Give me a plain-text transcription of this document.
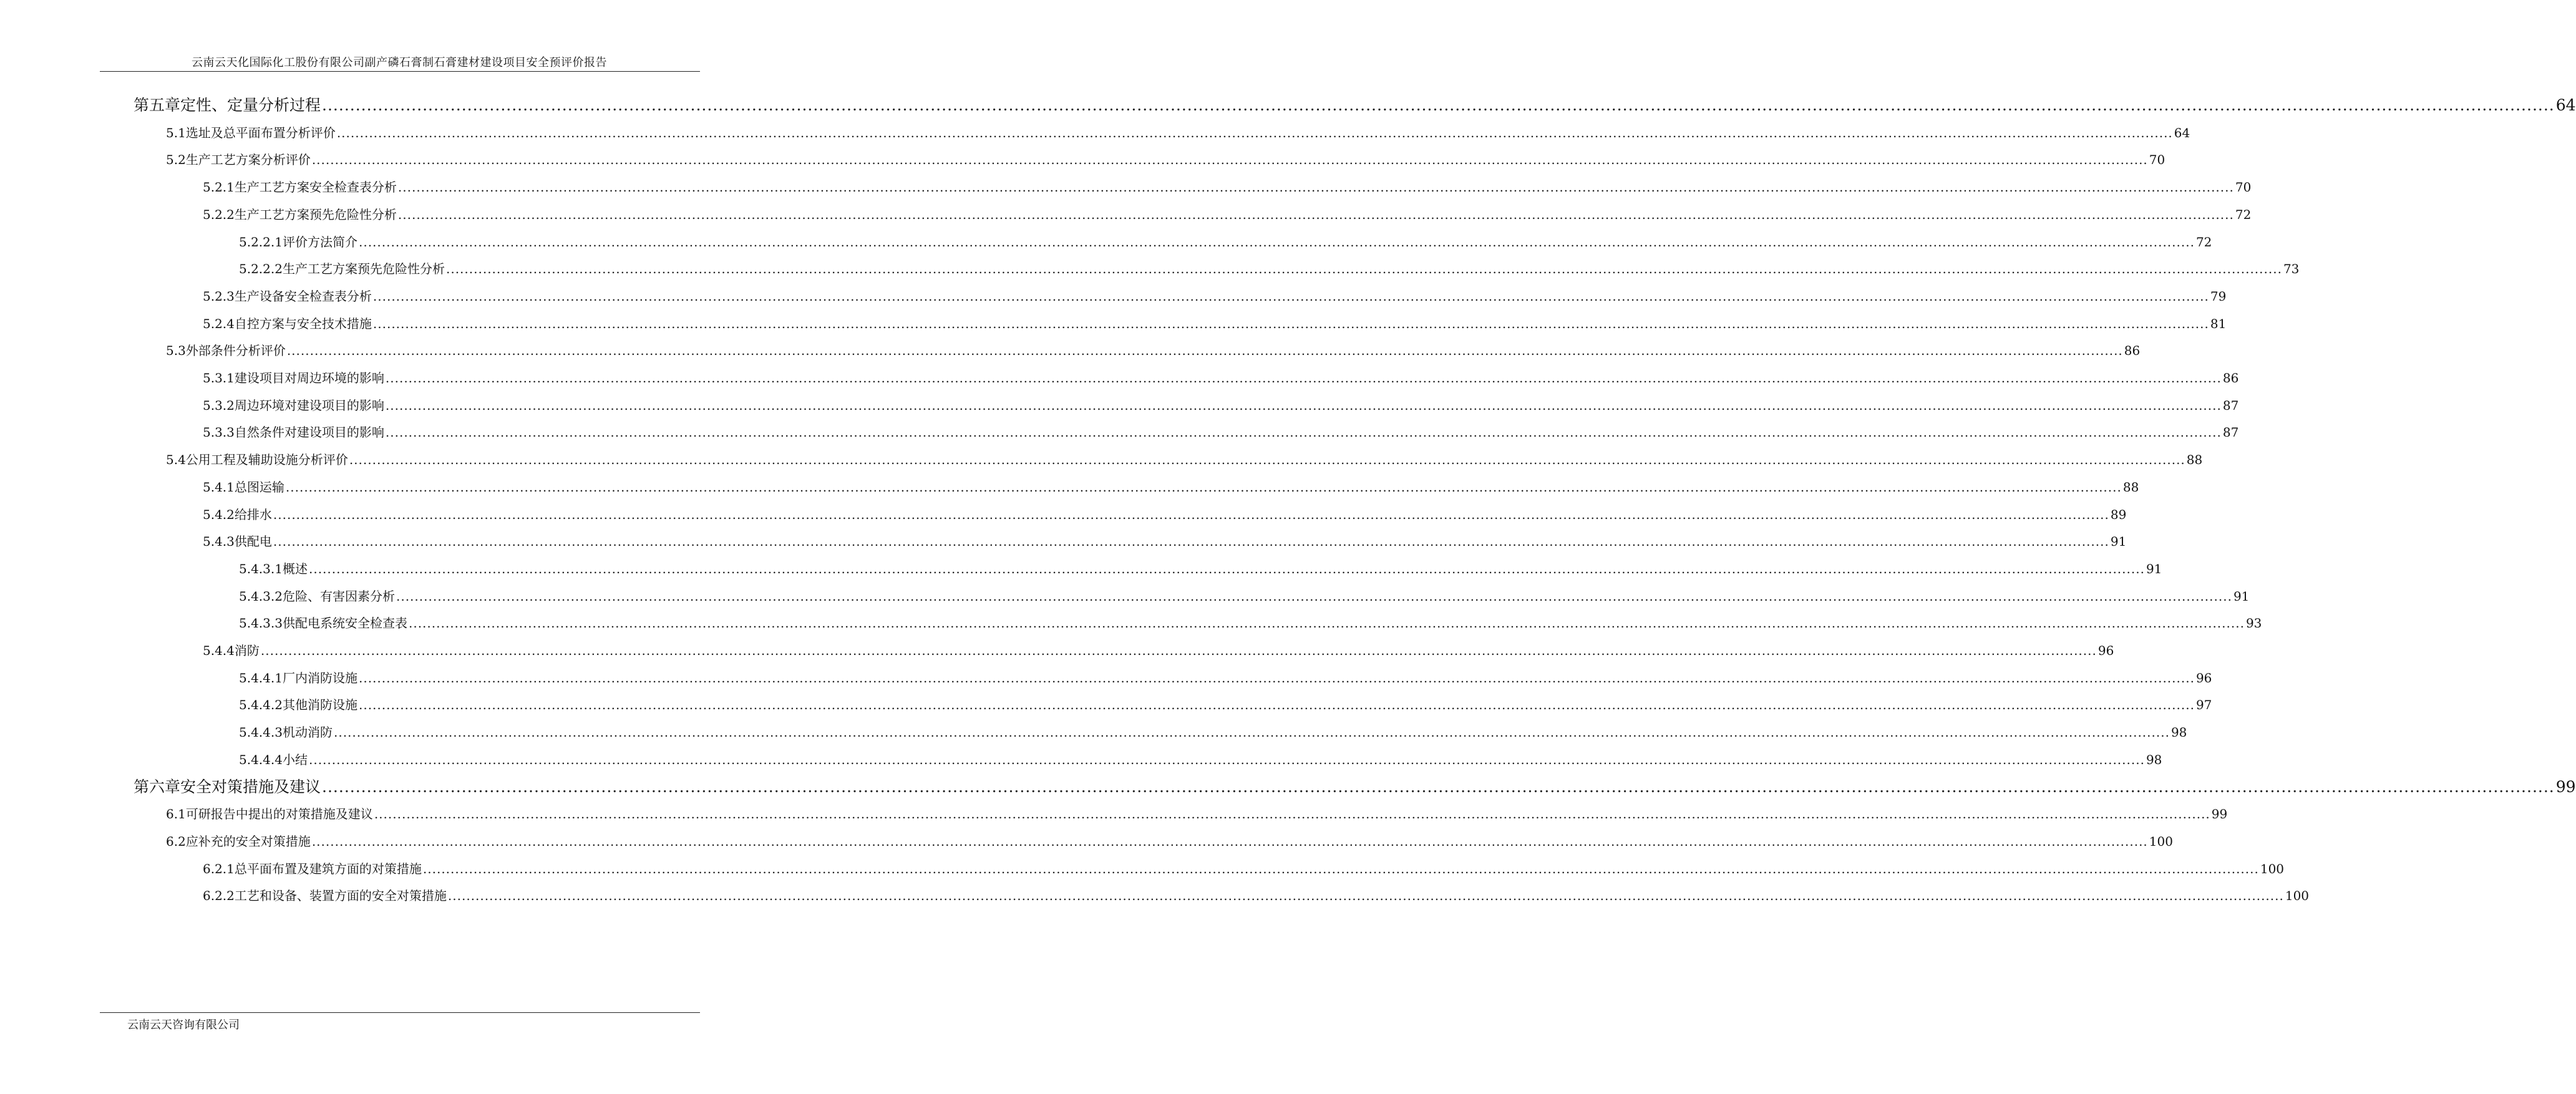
云南云天化国际化工股份有限公司副产磷石膏制石膏建材建设项目安全预评价报告
第五章 定性、定量分析过程 ................................................................................................................................................................................................................................................................................................................................................................................................................ 64
5.1 选址及总平面布置分析评价 ................................................................................................................................................................................................................................................................................................................................................................................................................ 64
5.2 生产工艺方案分析评价 ................................................................................................................................................................................................................................................................................................................................................................................................................ 70
5.2.1 生产工艺方案安全检查表分析 ................................................................................................................................................................................................................................................................................................................................................................................................................ 70
5.2.2 生产工艺方案预先危险性分析 ................................................................................................................................................................................................................................................................................................................................................................................................................ 72
5.2.2.1 评价方法简介 ................................................................................................................................................................................................................................................................................................................................................................................................................ 72
5.2.2.2 生产工艺方案预先危险性分析 ................................................................................................................................................................................................................................................................................................................................................................................................................ 73
5.2.3 生产设备安全检查表分析 ................................................................................................................................................................................................................................................................................................................................................................................................................ 79
5.2.4 自控方案与安全技术措施 ................................................................................................................................................................................................................................................................................................................................................................................................................ 81
5.3 外部条件分析评价 ................................................................................................................................................................................................................................................................................................................................................................................................................ 86
5.3.1 建设项目对周边环境的影响 ................................................................................................................................................................................................................................................................................................................................................................................................................ 86
5.3.2 周边环境对建设项目的影响 ................................................................................................................................................................................................................................................................................................................................................................................................................ 87
5.3.3 自然条件对建设项目的影响 ................................................................................................................................................................................................................................................................................................................................................................................................................ 87
5.4 公用工程及辅助设施分析评价 ................................................................................................................................................................................................................................................................................................................................................................................................................ 88
5.4.1 总图运输 ................................................................................................................................................................................................................................................................................................................................................................................................................ 88
5.4.2 给排水 ................................................................................................................................................................................................................................................................................................................................................................................................................ 89
5.4.3 供配电 ................................................................................................................................................................................................................................................................................................................................................................................................................ 91
5.4.3.1 概述 ................................................................................................................................................................................................................................................................................................................................................................................................................ 91
5.4.3.2 危险、有害因素分析 ................................................................................................................................................................................................................................................................................................................................................................................................................ 91
5.4.3.3 供配电系统安全检查表 ................................................................................................................................................................................................................................................................................................................................................................................................................ 93
5.4.4 消防 ................................................................................................................................................................................................................................................................................................................................................................................................................ 96
5.4.4.1 厂内消防设施 ................................................................................................................................................................................................................................................................................................................................................................................................................ 96
5.4.4.2 其他消防设施 ................................................................................................................................................................................................................................................................................................................................................................................................................ 97
5.4.4.3 机动消防 ................................................................................................................................................................................................................................................................................................................................................................................................................ 98
5.4.4.4 小结 ................................................................................................................................................................................................................................................................................................................................................................................................................ 98
第六章 安全对策措施及建议 ................................................................................................................................................................................................................................................................................................................................................................................................................ 99
6.1 可研报告中提出的对策措施及建议 ................................................................................................................................................................................................................................................................................................................................................................................................................ 99
6.2 应补充的安全对策措施 ................................................................................................................................................................................................................................................................................................................................................................................................................ 100
6.2.1 总平面布置及建筑方面的对策措施 ................................................................................................................................................................................................................................................................................................................................................................................................................ 100
6.2.2 工艺和设备、装置方面的安全对策措施 ................................................................................................................................................................................................................................................................................................................................................................................................................ 100
云南云天咨询有限公司
